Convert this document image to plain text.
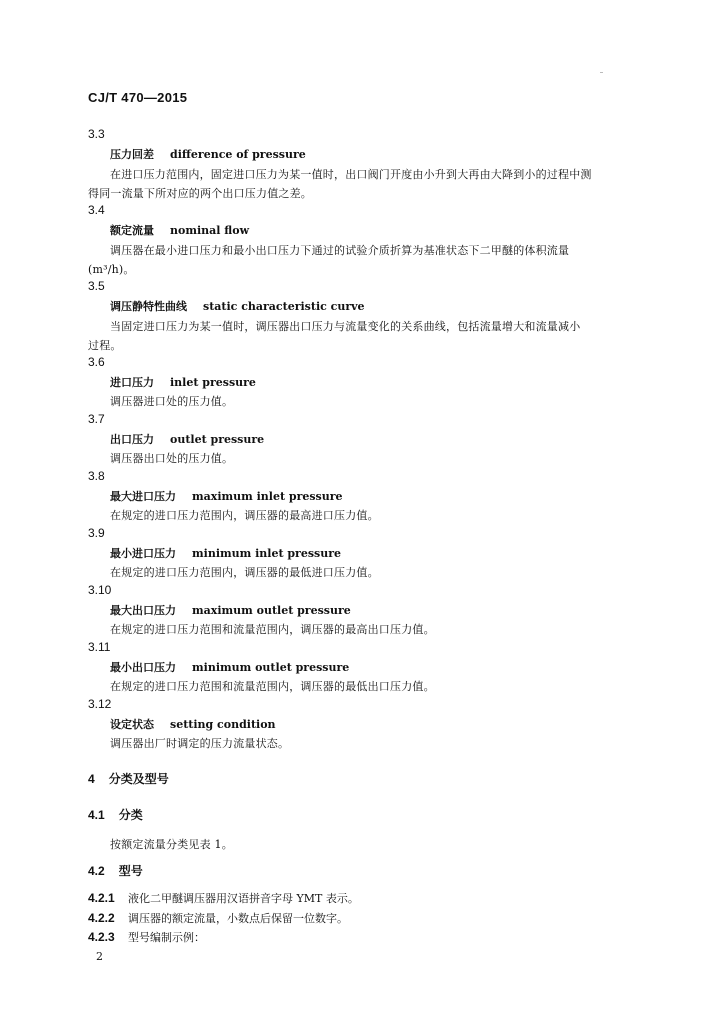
CJ/T 470—2015
3.3
压力回差 difference of pressure
在进口压力范围内，固定进口压力为某一值时，出口阀门开度由小升到大再由大降到小的过程中测
得同一流量下所对应的两个出口压力值之差。
3.4
额定流量 nominal flow
调压器在最小进口压力和最小出口压力下通过的试验介质折算为基准状态下二甲醚的体积流量
(m³/h)。
3.5
调压静特性曲线 static characteristic curve
当固定进口压力为某一值时，调压器出口压力与流量变化的关系曲线，包括流量增大和流量减小
过程。
3.6
进口压力 inlet pressure
调压器进口处的压力值。
3.7
出口压力 outlet pressure
调压器出口处的压力值。
3.8
最大进口压力 maximum inlet pressure
在规定的进口压力范围内，调压器的最高进口压力值。
3.9
最小进口压力 minimum inlet pressure
在规定的进口压力范围内，调压器的最低进口压力值。
3.10
最大出口压力 maximum outlet pressure
在规定的进口压力范围和流量范围内，调压器的最高出口压力值。
3.11
最小出口压力 minimum outlet pressure
在规定的进口压力范围和流量范围内，调压器的最低出口压力值。
3.12
设定状态 setting condition
调压器出厂时调定的压力流量状态。
4 分类及型号
4.1 分类
按额定流量分类见表 1。
4.2 型号
4.2.1 液化二甲醚调压器用汉语拼音字母 YMT 表示。
4.2.2 调压器的额定流量，小数点后保留一位数字。
4.2.3 型号编制示例：
2
